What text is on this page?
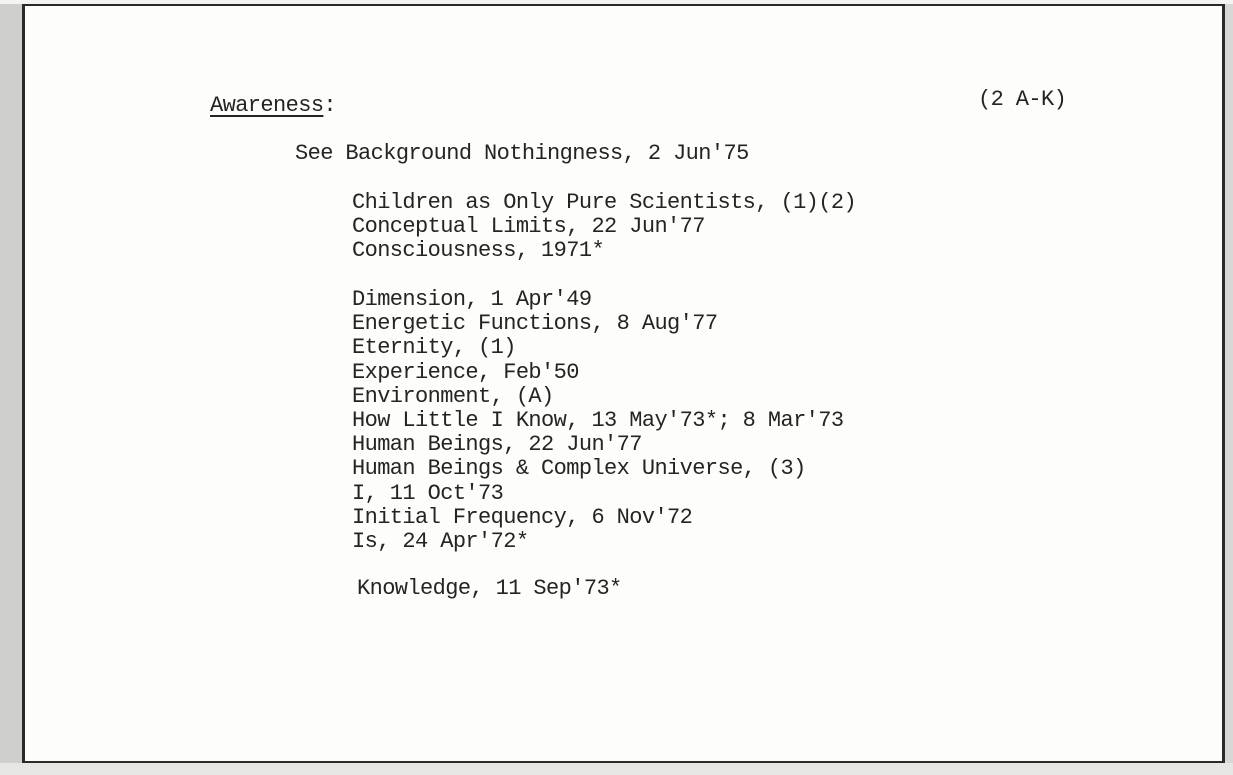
Awareness:	(2 A-K)
See Background Nothingness, 2 Jun'75
Children as Only Pure Scientists, (1)(2)
Conceptual Limits, 22 Jun'77
Consciousness, 1971*
Dimension, 1 Apr'49
Energetic Functions, 8 Aug'77
Eternity, (1)
Experience, Feb'50
Environment, (A)
How Little I Know, 13 May'73*; 8 Mar'73
Human Beings, 22 Jun'77
Human Beings & Complex Universe, (3)
I, 11 Oct'73
Initial Frequency, 6 Nov'72
Is, 24 Apr'72*
Knowledge, 11 Sep'73*
